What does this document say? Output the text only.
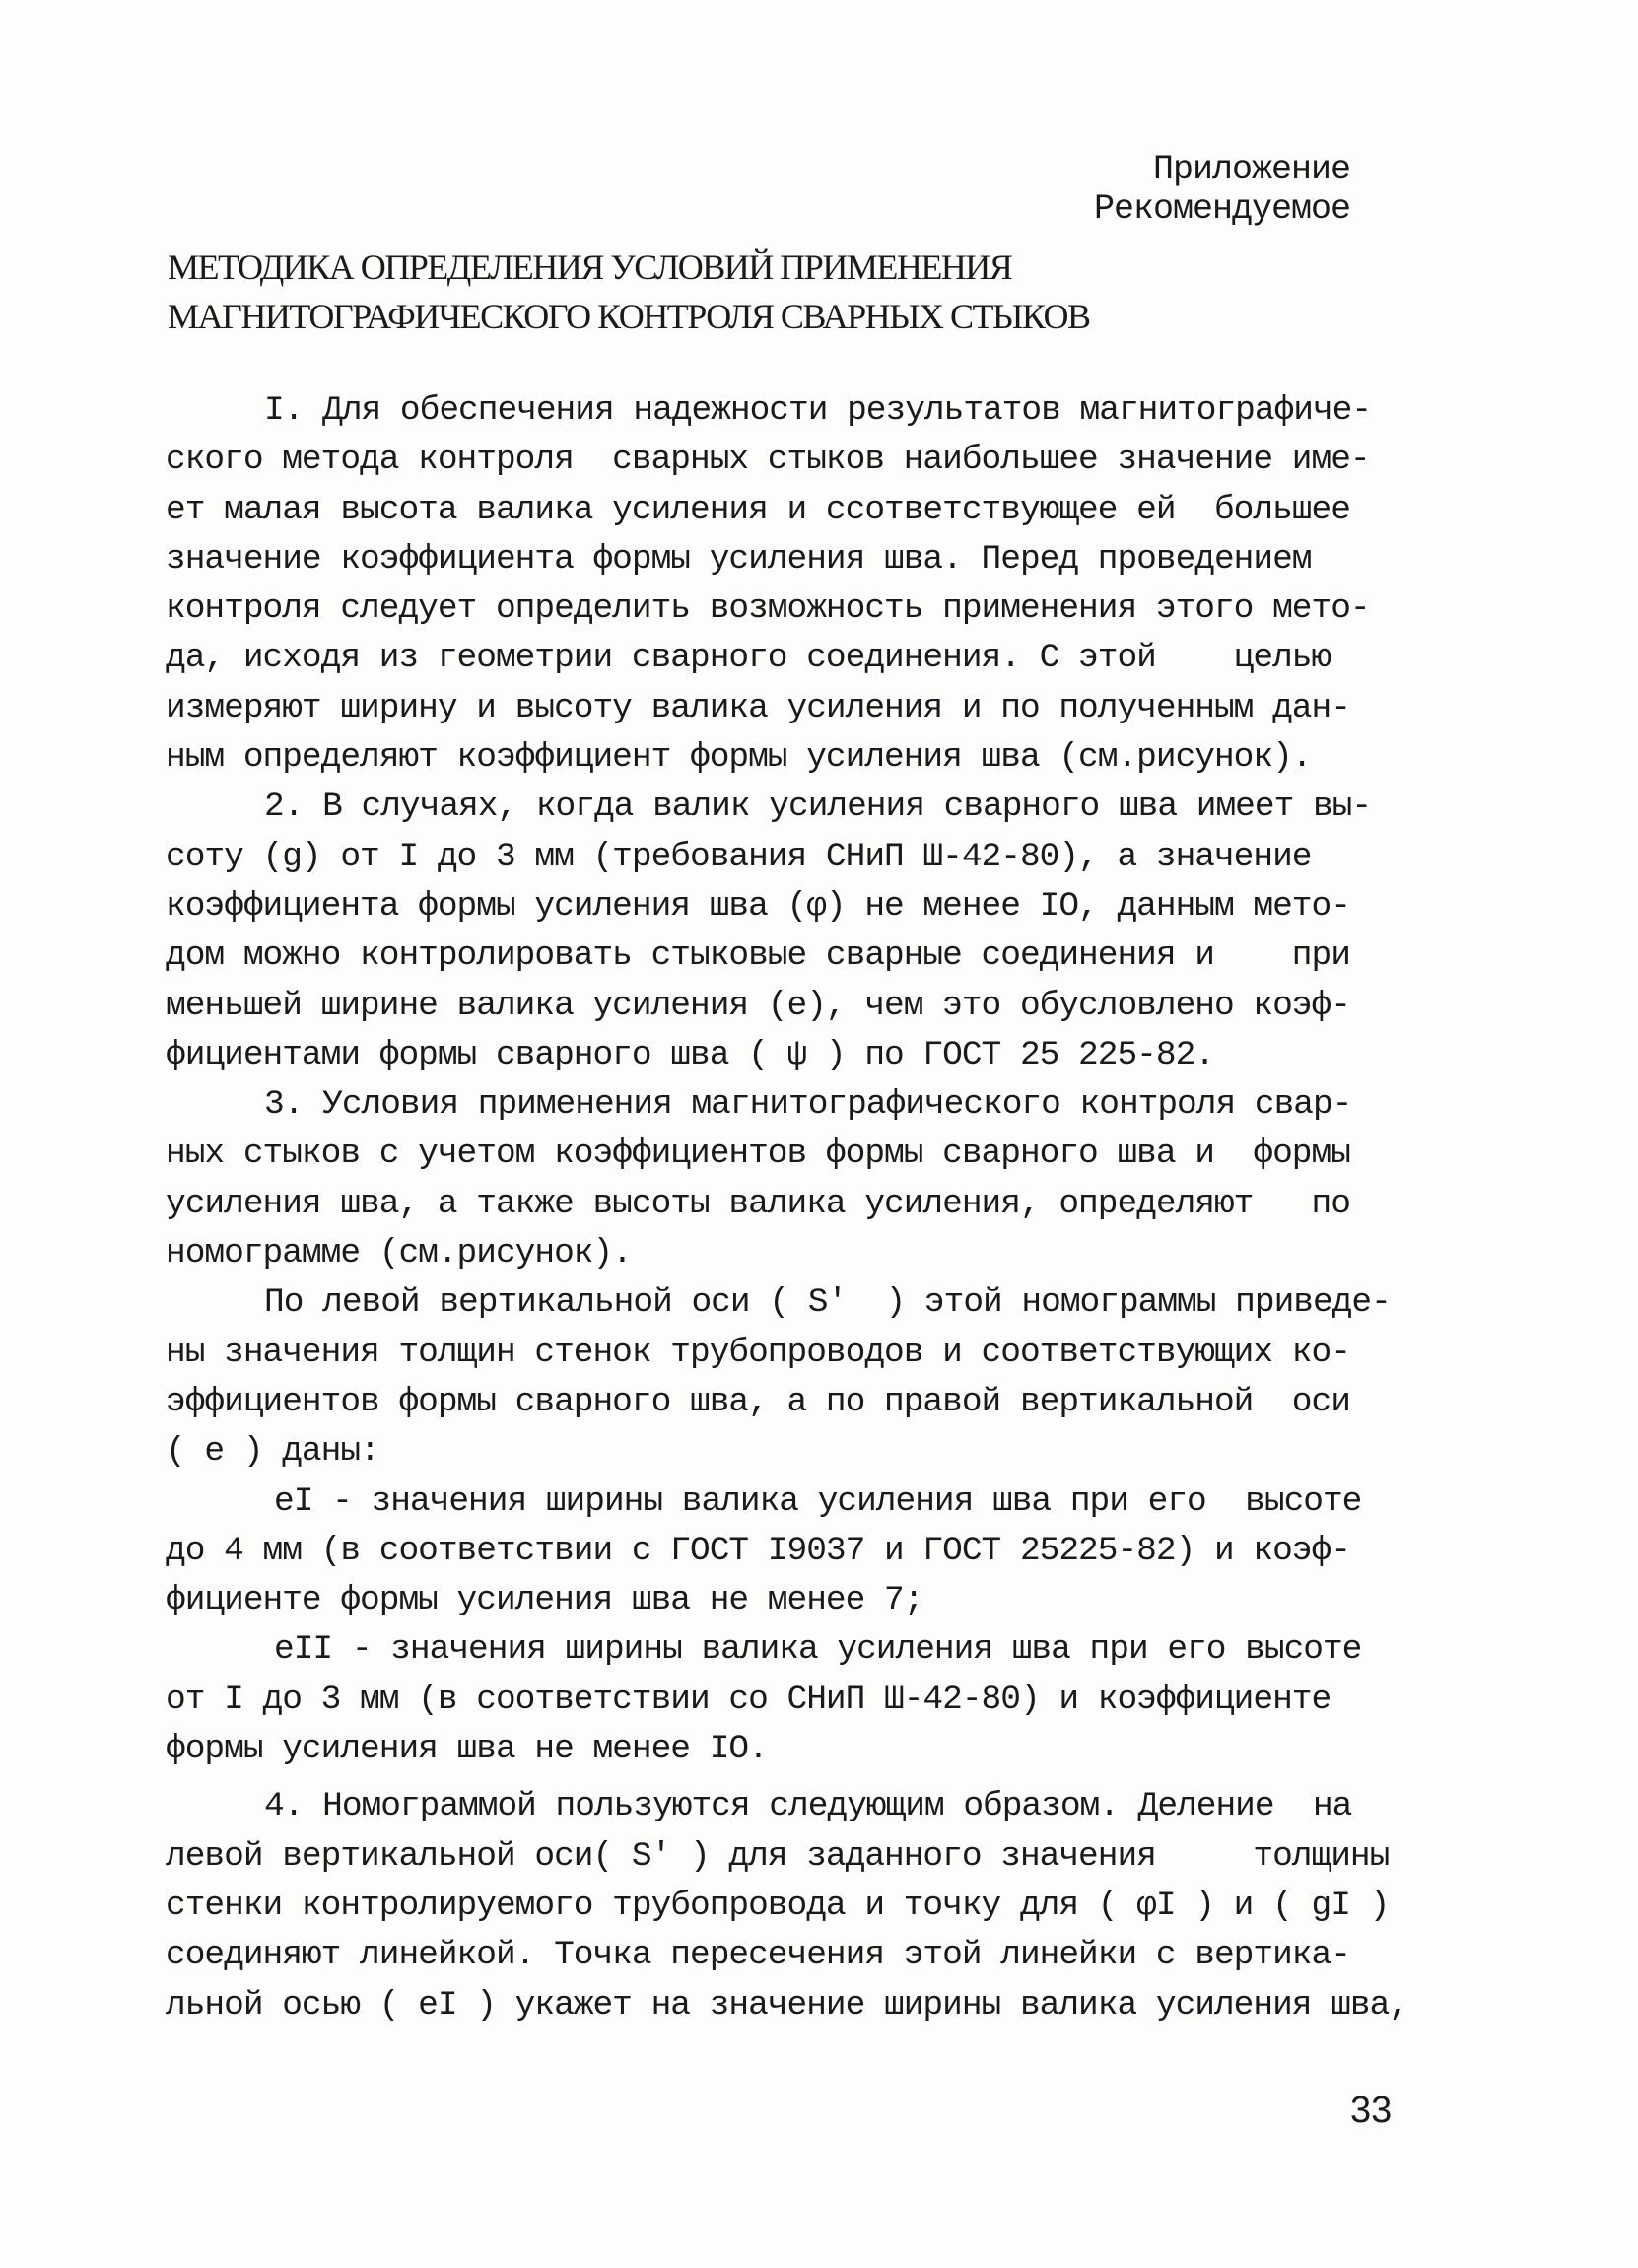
Приложение
Рекомендуемое
МЕТОДИКА ОПРЕДЕЛЕНИЯ УСЛОВИЙ ПРИМЕНЕНИЯ
МАГНИТОГРАФИЧЕСКОГО КОНТРОЛЯ СВАРНЫХ СТЫКОВ
I. Для обеспечения надежности результатов магнитографиче-
ского метода контроля  сварных стыков наибольшее значение име-
ет малая высота валика усиления и ссответствующее ей  большее
значение коэффициента формы усиления шва. Перед проведением
контроля следует определить возможность применения этого мето-
да, исходя из геометрии сварного соединения. С этой    целью
измеряют ширину и высоту валика усиления и по полученным дан-
ным определяют коэффициент формы усиления шва (см.рисунок).
2. В случаях, когда валик усиления сварного шва имеет вы-
соту (g) от I до 3 мм (требования СНиП Ш-42-80), а значение
коэффициента формы усиления шва (φ) не менее IO, данным мето-
дом можно контролировать стыковые сварные соединения и    при
меньшей ширине валика усиления (е), чем это обусловлено коэф-
фициентами формы сварного шва ( ψ ) по ГОСТ 25 225-82.
3. Условия применения магнитографического контроля свар-
ных стыков с учетом коэффициентов формы сварного шва и  формы
усиления шва, а также высоты валика усиления, определяют   по
номограмме (см.рисунок).
По левой вертикальной оси ( S′  ) этой номограммы приведе-
ны значения толщин стенок трубопроводов и соответствующих ко-
эффициентов формы сварного шва, а по правой вертикальной  оси
( e ) даны:
eI - значения ширины валика усиления шва при его  высоте
до 4 мм (в соответствии с ГОСТ I9037 и ГОСТ 25225-82) и коэф-
фициенте формы усиления шва не менее 7;
eII - значения ширины валика усиления шва при его высоте
от I до 3 мм (в соответствии со СНиП Ш-42-80) и коэффициенте
формы усиления шва не менее IO.
4. Номограммой пользуются следующим образом. Деление  на
левой вертикальной оси( S′ ) для заданного значения     толщины
стенки контролируемого трубопровода и точку для ( φI ) и ( gI )
соединяют линейкой. Точка пересечения этой линейки с вертика-
льной осью ( eI ) укажет на значение ширины валика усиления шва,
33
